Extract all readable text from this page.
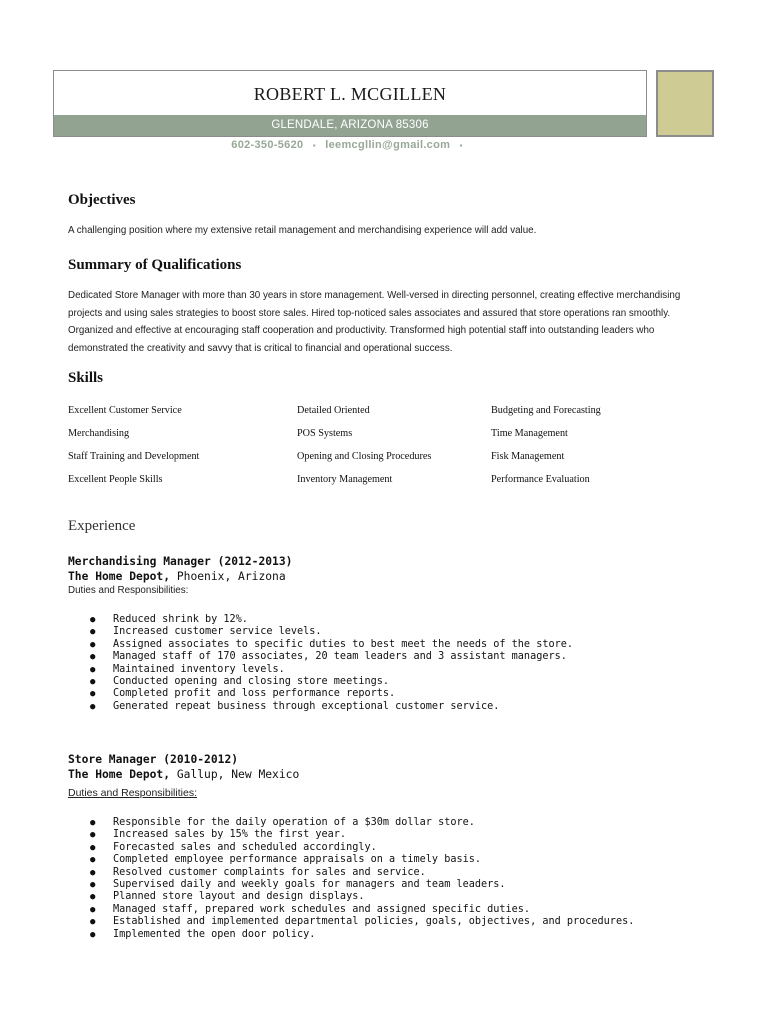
ROBERT L. MCGILLEN
GLENDALE, ARIZONA 85306
602-350-5620 ▪ leemcgllin@gmail.com ▪
Objectives
A challenging position where my extensive retail management and merchandising experience will add value.
Summary of Qualifications
Dedicated Store Manager with more than 30 years in store management. Well-versed in directing personnel, creating effective merchandising projects and using sales strategies to boost store sales. Hired top-noticed sales associates and assured that store operations ran smoothly. Organized and effective at encouraging staff cooperation and productivity. Transformed high potential staff into outstanding leaders who demonstrated the creativity and savvy that is critical to financial and operational success.
Skills
Excellent Customer Service
Merchandising
Staff Training and Development
Excellent People Skills
Detailed Oriented
POS Systems
Opening and Closing Procedures
Inventory Management
Budgeting and Forecasting
Time Management
Fisk Management
Performance Evaluation
Experience
Merchandising Manager (2012-2013)
The Home Depot, Phoenix, Arizona
Duties and Responsibilities:
● Reduced shrink by 12%.
● Increased customer service levels.
● Assigned associates to specific duties to best meet the needs of the store.
● Managed staff of 170 associates, 20 team leaders and 3 assistant managers.
● Maintained inventory levels.
● Conducted opening and closing store meetings.
● Completed profit and loss performance reports.
● Generated repeat business through exceptional customer service.
Store Manager (2010-2012)
The Home Depot, Gallup, New Mexico
Duties and Responsibilities:
● Responsible for the daily operation of a $30m dollar store.
● Increased sales by 15% the first year.
● Forecasted sales and scheduled accordingly.
● Completed employee performance appraisals on a timely basis.
● Resolved customer complaints for sales and service.
● Supervised daily and weekly goals for managers and team leaders.
● Planned store layout and design displays.
● Managed staff, prepared work schedules and assigned specific duties.
● Established and implemented departmental policies, goals, objectives, and procedures.
● Implemented the open door policy.
